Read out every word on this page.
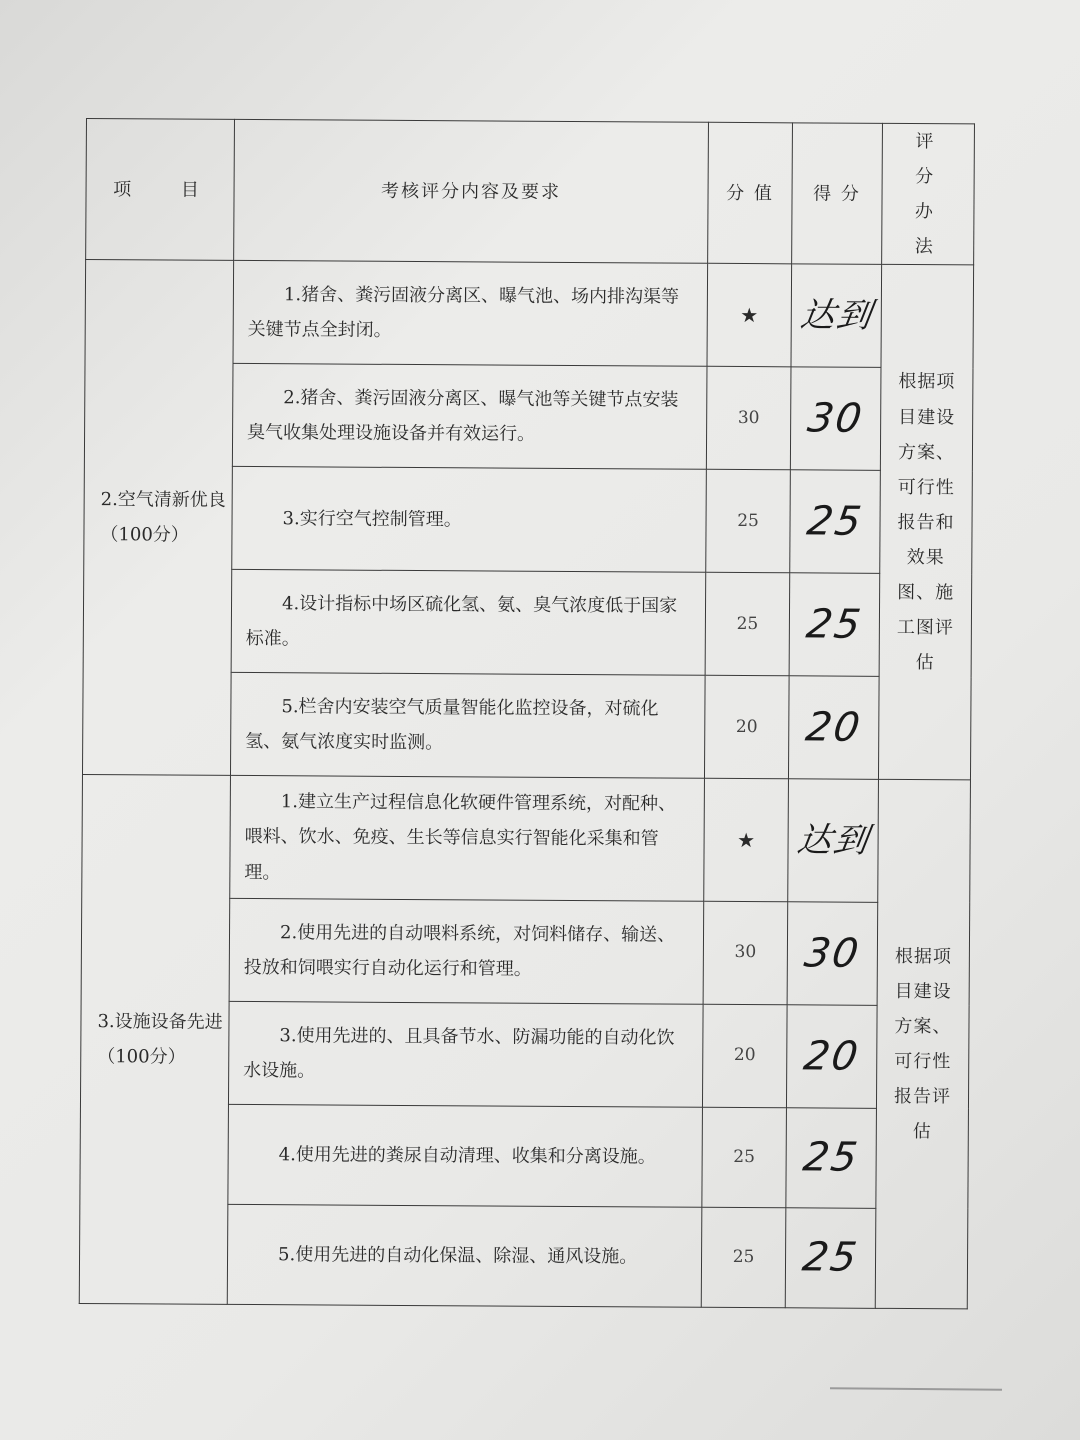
项 目	考核评分内容及要求	分 值	得 分	评 分 办 法
2.空气清新优良（100分）	1.猪舍、粪污固液分离区、曝气池、场内排沟渠等关键节点全封闭。	★	达到	根据项目建设方案、可行性报告和效果图、施工图评估

	2.猪舍、粪污固液分离区、曝气池等关键节点安装臭气收集处理设施设备并有效运行。	30	30	

	3.实行空气控制管理。	25	25	

	4.设计指标中场区硫化氢、氨、臭气浓度低于国家标准。	25	25	

	5.栏舍内安装空气质量智能化监控设备，对硫化氢、氨气浓度实时监测。	20	20	
3.设施设备先进（100分）	1.建立生产过程信息化软硬件管理系统，对配种、喂料、饮水、免疫、生长等信息实行智能化采集和管理。	★	达到	根据项目建设方案、可行性报告评估

	2.使用先进的自动喂料系统，对饲料储存、输送、投放和饲喂实行自动化运行和管理。	30	30	

	3.使用先进的、且具备节水、防漏功能的自动化饮水设施。	20	20	

	4.使用先进的粪尿自动清理、收集和分离设施。	25	25	

	5.使用先进的自动化保温、除湿、通风设施。	25	25	
